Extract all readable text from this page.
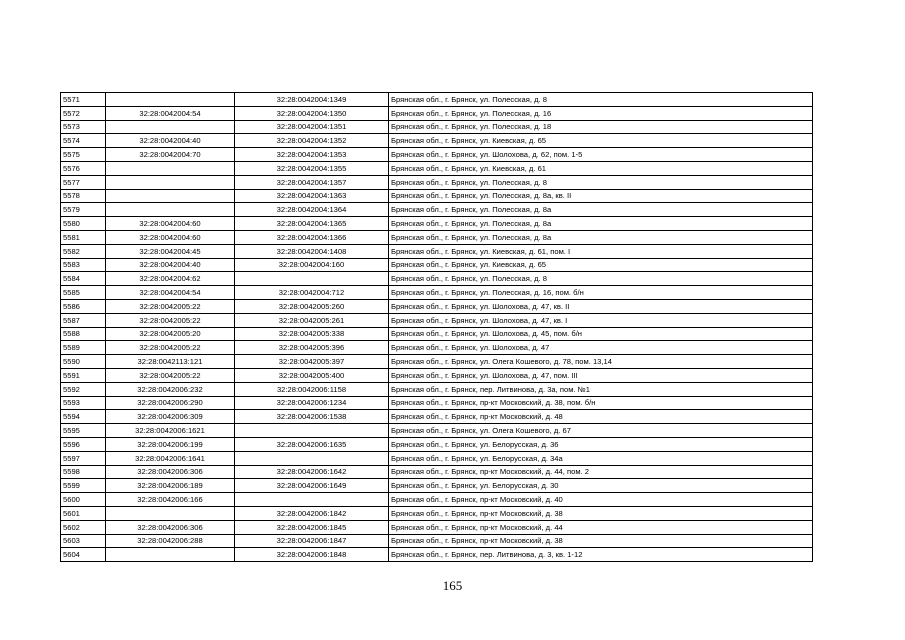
5571		32:28:0042004:1349	Брянская обл., г. Брянск, ул. Полесская, д. 8
5572	32:28:0042004:54	32:28:0042004:1350	Брянская обл., г. Брянск, ул. Полесская, д. 16
5573		32:28:0042004:1351	Брянская обл., г. Брянск, ул. Полесская, д. 18
5574	32:28:0042004:40	32:28:0042004:1352	Брянская обл., г. Брянск, ул. Киевская, д. 65
5575	32:28:0042004:70	32:28:0042004:1353	Брянская обл., г. Брянск, ул. Шолохова, д. 62, пом. 1-5
5576		32:28:0042004:1355	Брянская обл., г. Брянск, ул. Киевская, д. 61
5577		32:28:0042004:1357	Брянская обл., г. Брянск, ул. Полесская, д. 8
5578		32:28:0042004:1363	Брянская обл., г. Брянск, ул. Полесская, д. 8а, кв. II
5579		32:28:0042004:1364	Брянская обл., г. Брянск, ул. Полесская, д. 8а
5580	32:28:0042004:60	32:28:0042004:1365	Брянская обл., г. Брянск, ул. Полесская, д. 8а
5581	32:28:0042004:60	32:28:0042004:1366	Брянская обл., г. Брянск, ул. Полесская, д. 8а
5582	32:28:0042004:45	32:28:0042004:1408	Брянская обл., г. Брянск, ул. Киевская, д. 61, пом. I
5583	32:28:0042004:40	32:28:0042004:160	Брянская обл., г. Брянск, ул. Киевская, д. 65
5584	32:28:0042004:62		Брянская обл., г. Брянск, ул. Полесская, д. 8
5585	32:28:0042004:54	32:28:0042004:712	Брянская обл., г. Брянск, ул. Полесская, д. 16, пом. б/н
5586	32:28:0042005:22	32:28:0042005:260	Брянская обл., г. Брянск, ул. Шолохова, д. 47, кв. II
5587	32:28:0042005:22	32:28:0042005:261	Брянская обл., г. Брянск, ул. Шолохова, д. 47, кв. I
5588	32:28:0042005:20	32:28:0042005:338	Брянская обл., г. Брянск, ул. Шолохова, д. 45, пом. б/н
5589	32:28:0042005:22	32:28:0042005:396	Брянская обл., г. Брянск, ул. Шолохова, д. 47
5590	32:28:0042113:121	32:28:0042005:397	Брянская обл., г. Брянск, ул. Олега Кошевого, д. 78, пом. 13,14
5591	32:28:0042005:22	32:28:0042005:400	Брянская обл., г. Брянск, ул. Шолохова, д. 47, пом. III
5592	32:28:0042006:232	32:28:0042006:1158	Брянская обл., г. Брянск, пер. Литвинова, д. 3а, пом. №1
5593	32:28:0042006:290	32:28:0042006:1234	Брянская обл., г. Брянск, пр-кт Московский, д. 38, пом. б/н
5594	32:28:0042006:309	32:28:0042006:1538	Брянская обл., г. Брянск, пр-кт Московский, д. 48
5595	32:28:0042006:1621		Брянская обл., г. Брянск, ул. Олега Кошевого, д. 67
5596	32:28:0042006:199	32:28:0042006:1635	Брянская обл., г. Брянск, ул. Белорусская, д. 36
5597	32:28:0042006:1641		Брянская обл., г. Брянск, ул. Белорусская, д. 34а
5598	32:28:0042006:306	32:28:0042006:1642	Брянская обл., г. Брянск, пр-кт Московский, д. 44, пом. 2
5599	32:28:0042006:189	32:28:0042006:1649	Брянская обл., г. Брянск, ул. Белорусская, д. 30
5600	32:28:0042006:166		Брянская обл., г. Брянск, пр-кт Московский, д. 40
5601		32:28:0042006:1842	Брянская обл., г. Брянск, пр-кт Московский, д. 38
5602	32:28:0042006:306	32:28:0042006:1845	Брянская обл., г. Брянск, пр-кт Московский, д. 44
5603	32:28:0042006:288	32:28:0042006:1847	Брянская обл., г. Брянск, пр-кт Московский, д. 38
5604		32:28:0042006:1848	Брянская обл., г. Брянск, пер. Литвинова, д. 3, кв. 1-12
165
